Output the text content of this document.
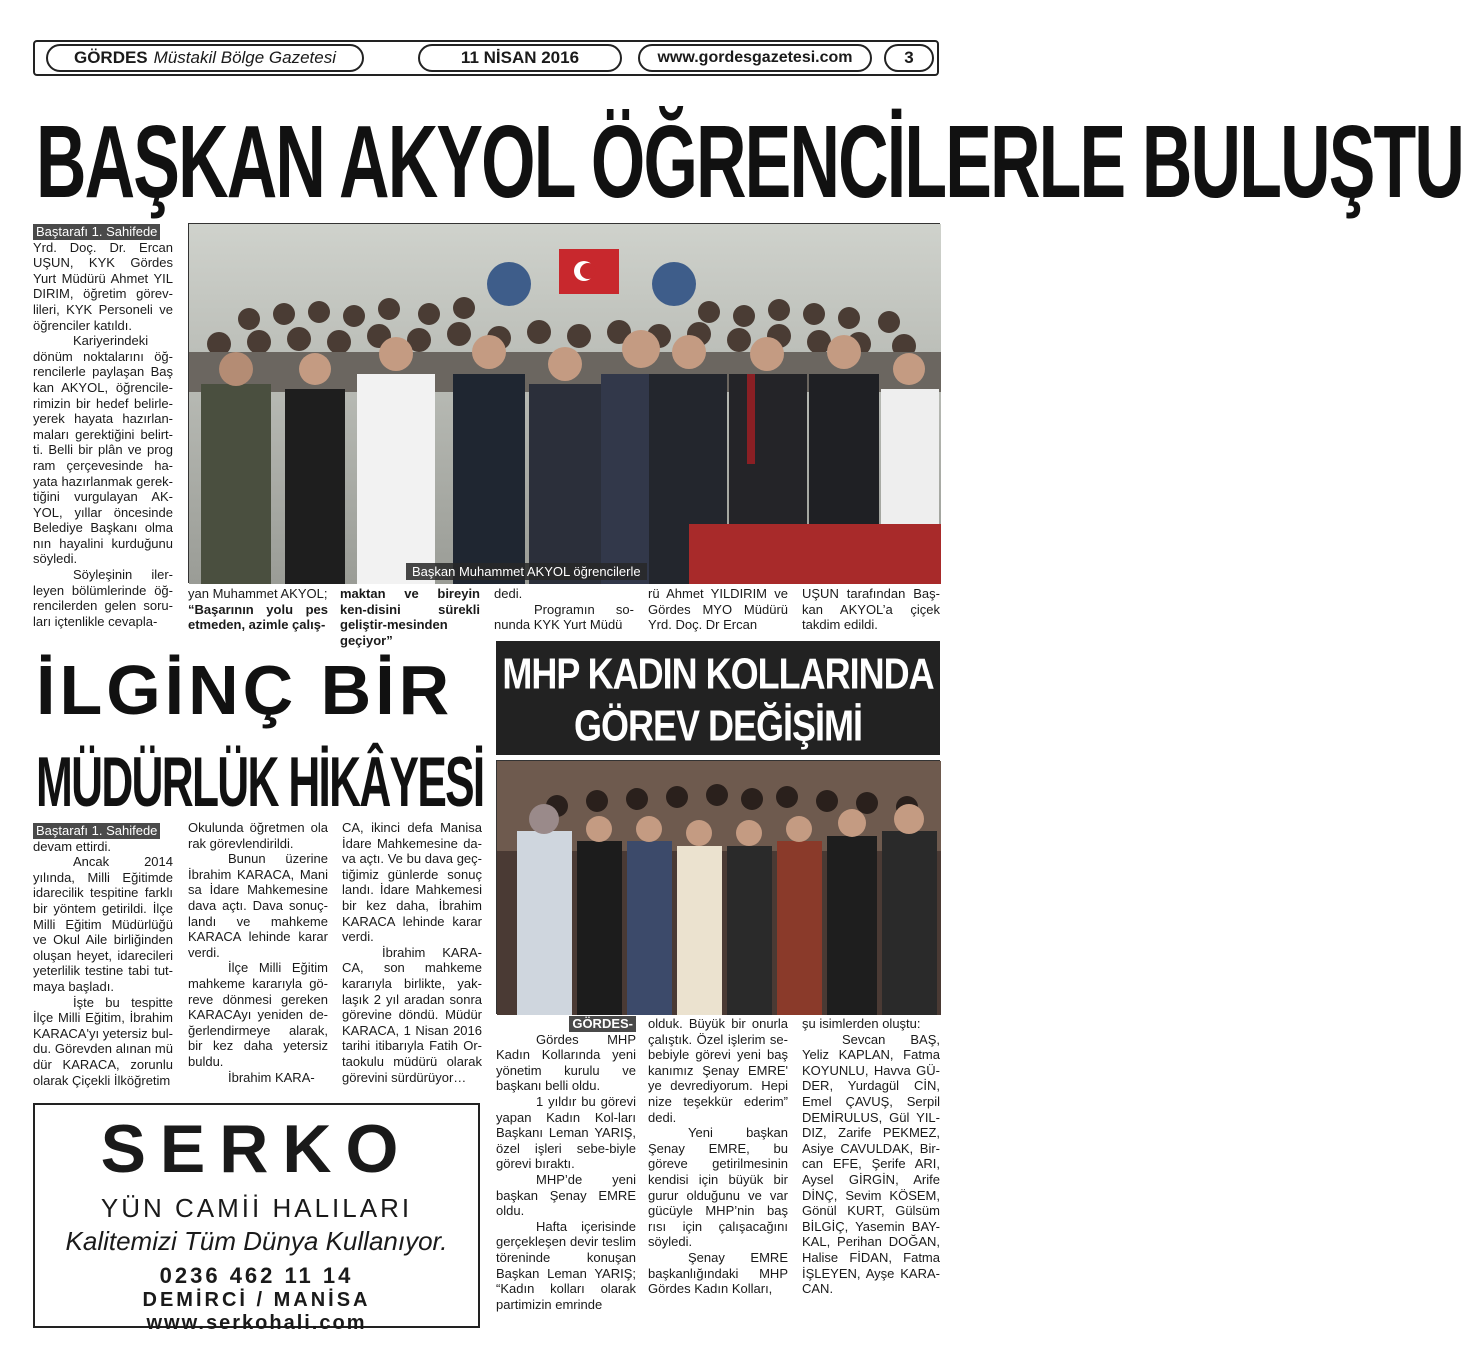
GÖRDES Müstakil Bölge Gazetesi	11 NİSAN 2016	www.gordesgazetesi.com	3
BAŞKAN AKYOL ÖĞRENCİLERLE BULUŞTU
Baştarafı 1. Sahifede

Yrd. Doç. Dr. Ercan UŞUN, KYK Gördes Yurt Müdürü Ahmet YIL DIRIM, öğretim görev-lileri, KYK Personeli ve öğrenciler katıldı.

Kariyerindeki dönüm noktalarını öğ-rencilerle paylaşan Baş kan AKYOL, öğrencile-rimizin bir hedef belirle-yerek hayata hazırlan-maları gerektiğini belirt-ti. Belli bir plân ve prog ram çerçevesinde ha-yata hazırlanmak gerek-tiğini vurgulayan AK-YOL, yıllar öncesinde Belediye Başkanı olma nın hayalini kurduğunu söyledi.

Söyleşinin iler-leyen bölümlerinde öğ-rencilerden gelen soru-ları içtenlikle cevapla-

Başkan Muhammet AKYOL öğrencilerle

yan Muhammet AKYOL;

“Başarının yolu pes etmeden, azimle çalış-

maktan ve bireyin ken-disini sürekli geliştir-mesinden geçiyor”

dedi.

Programın so-nunda KYK Yurt Müdü

rü Ahmet YILDIRIM ve Gördes MYO Müdürü Yrd. Doç. Dr Ercan

UŞUN tarafından Baş-kan AKYOL’a çiçek takdim edildi.

İLGİNÇ BİR
MÜDÜRLÜK HİKÂYESİ
Baştarafı 1. Sahifede

devam ettirdi.

Ancak 2014 yılında, Milli Eğitimde idarecilik tespitine farklı bir yöntem getirildi. İlçe Milli Eğitim Müdürlüğü ve Okul Aile birliğinden oluşan heyet, idarecileri yeterlilik testine tabi tut-maya başladı.

İşte bu tespitte İlçe Milli Eğitim, İbrahim KARACA'yı yetersiz bul-du. Görevden alınan mü dür KARACA, zorunlu olarak Çiçekli İlköğretim

Okulunda öğretmen ola rak görevlendirildi.

Bunun üzerine İbrahim KARACA, Mani sa İdare Mahkemesine dava açtı. Dava sonuç-landı ve mahkeme KARACA lehinde karar verdi.

İlçe Milli Eğitim mahkeme kararıyla gö-reve dönmesi gereken KARACAyı yeniden de-ğerlendirmeye alarak, bir kez daha yetersiz buldu.

İbrahim KARA-

CA, ikinci defa Manisa İdare Mahkemesine da-va açtı. Ve bu dava geç-tiğimiz günlerde sonuç landı. İdare Mahkemesi bir kez daha, İbrahim KARACA lehinde karar verdi.

İbrahim KARA-CA, son mahkeme kararıyla birlikte, yak-laşık 2 yıl aradan sonra görevine döndü. Müdür KARACA, 1 Nisan 2016 tarihi itibarıyla Fatih Or-taokulu müdürü olarak görevini sürdürüyor…

MHP KADIN KOLLARINDA
GÖREV DEĞİŞİMİ
GÖRDES-

Gördes MHP Kadın Kollarında yeni yönetim kurulu ve başkanı belli oldu.

1 yıldır bu görevi yapan Kadın Kol-ları Başkanı Leman YARIŞ, özel işleri sebe-biyle görevi bıraktı.

MHP’de yeni başkan Şenay EMRE oldu.

Hafta içerisinde gerçekleşen devir teslim töreninde konuşan Başkan Leman YARIŞ; “Kadın kolları olarak partimizin emrinde

olduk. Büyük bir onurla çalıştık. Özel işlerim se-bebiyle görevi yeni baş kanımız Şenay EMRE' ye devrediyorum. Hepi nize teşekkür ederim” dedi.

Yeni başkan Şenay EMRE, bu göreve getirilmesinin kendisi için büyük bir gurur olduğunu ve var gücüyle MHP’nin baş rısı için çalışacağını söyledi.

Şenay EMRE başkanlığındaki MHP Gördes Kadın Kolları,

şu isimlerden oluştu:

Sevcan BAŞ, Yeliz KAPLAN, Fatma KOYUNLU, Havva GÜ-DER, Yurdagül CİN, Emel ÇAVUŞ, Serpil DEMİRULUS, Gül YIL-DIZ, Zarife PEKMEZ, Asiye CAVULDAK, Bir-can EFE, Şerife ARI, Aysel GİRGİN, Arife DİNÇ, Sevim KÖSEM, Gönül KURT, Gülsüm BİLGİÇ, Yasemin BAY-KAL, Perihan DOĞAN, Halise FİDAN, Fatma İŞLEYEN, Ayşe KARA-CAN.

SERKO
YÜN CAMİİ HALILARI
Kalitemizi Tüm Dünya Kullanıyor.
0236 462 11 14
DEMİRCİ / MANİSA
www.serkohali.com
